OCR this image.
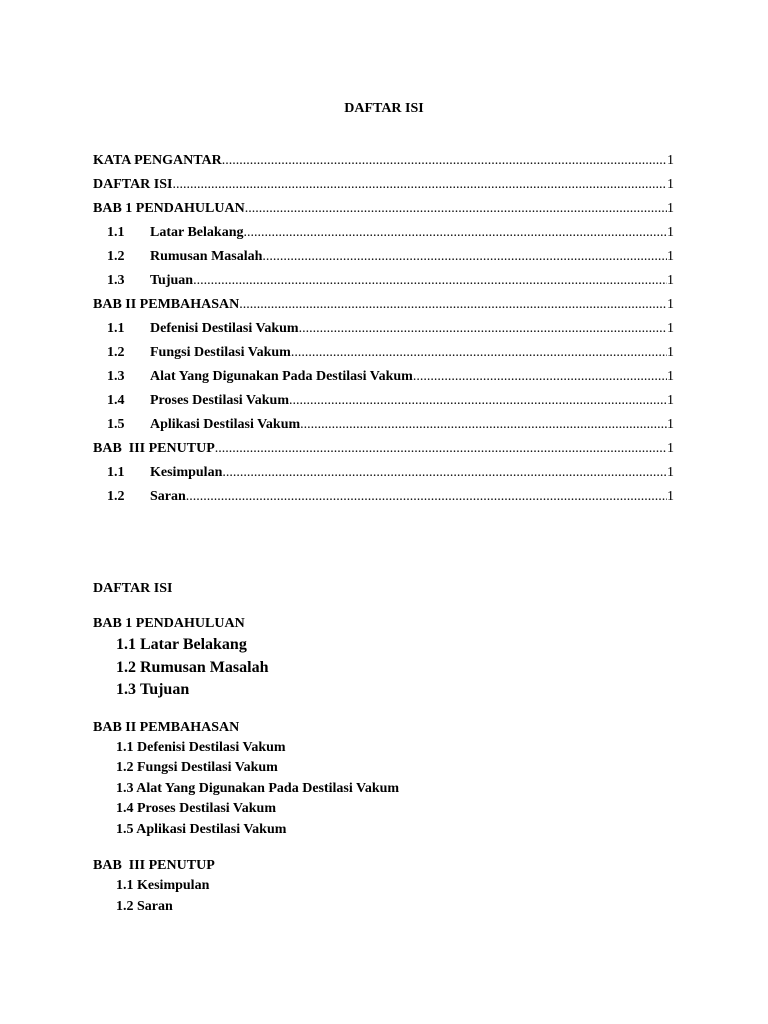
DAFTAR ISI
KATA PENGANTAR .....	1
DAFTAR ISI .....	1
BAB 1 PENDAHULUAN .....	1
1.1	Latar Belakang .....	1
1.2	Rumusan Masalah .....	1
1.3	Tujuan .....	1
BAB II PEMBAHASAN .....	1
1.1	Defenisi Destilasi Vakum .....	1
1.2	Fungsi Destilasi Vakum .....	1
1.3	Alat Yang Digunakan Pada Destilasi Vakum .....	1
1.4	Proses Destilasi Vakum .....	1
1.5	Aplikasi Destilasi Vakum .....	1
BAB  III PENUTUP .....	1
1.1	Kesimpulan .....	1
1.2	Saran .....	1
DAFTAR ISI
BAB 1 PENDAHULUAN
1.1 Latar Belakang
1.2 Rumusan Masalah
1.3 Tujuan
BAB II PEMBAHASAN
1.1 Defenisi Destilasi Vakum
1.2 Fungsi Destilasi Vakum
1.3 Alat Yang Digunakan Pada Destilasi Vakum
1.4 Proses Destilasi Vakum
1.5 Aplikasi Destilasi Vakum
BAB  III PENUTUP
1.1 Kesimpulan
1.2 Saran
